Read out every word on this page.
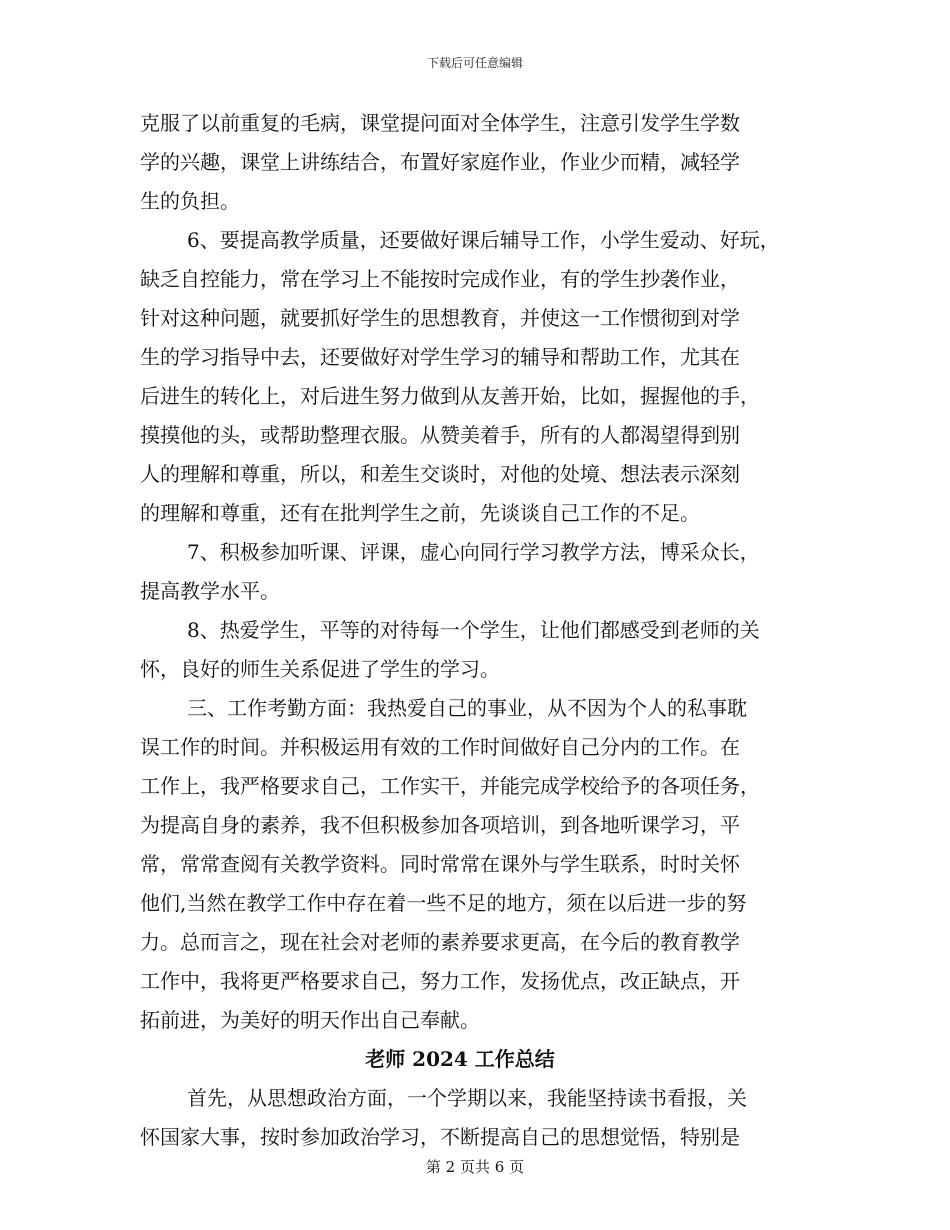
下载后可任意编辑
克服了以前重复的毛病，课堂提问面对全体学生，注意引发学生学数
学的兴趣，课堂上讲练结合，布置好家庭作业，作业少而精，减轻学
生的负担。
6、要提高教学质量，还要做好课后辅导工作，小学生爱动、好玩，
缺乏自控能力，常在学习上不能按时完成作业，有的学生抄袭作业，
针对这种问题，就要抓好学生的思想教育，并使这一工作惯彻到对学
生的学习指导中去，还要做好对学生学习的辅导和帮助工作，尤其在
后进生的转化上，对后进生努力做到从友善开始，比如，握握他的手，
摸摸他的头，或帮助整理衣服。从赞美着手，所有的人都渴望得到别
人的理解和尊重，所以，和差生交谈时，对他的处境、想法表示深刻
的理解和尊重，还有在批判学生之前，先谈谈自己工作的不足。
7、积极参加听课、评课，虚心向同行学习教学方法，博采众长，
提高教学水平。
8、热爱学生，平等的对待每一个学生，让他们都感受到老师的关
怀，良好的师生关系促进了学生的学习。
三、工作考勤方面：我热爱自己的事业，从不因为个人的私事耽
误工作的时间。并积极运用有效的工作时间做好自己分内的工作。在
工作上，我严格要求自己，工作实干，并能完成学校给予的各项任务，
为提高自身的素养，我不但积极参加各项培训，到各地听课学习，平
常，常常查阅有关教学资料。同时常常在课外与学生联系，时时关怀
他们,当然在教学工作中存在着一些不足的地方，须在以后进一步的努
力。总而言之，现在社会对老师的素养要求更高，在今后的教育教学
工作中，我将更严格要求自己，努力工作，发扬优点，改正缺点，开
拓前进，为美好的明天作出自己奉献。
老师 2024 工作总结
首先，从思想政治方面，一个学期以来，我能坚持读书看报，关
怀国家大事，按时参加政治学习，不断提高自己的思想觉悟，特别是
第 2 页共 6 页
